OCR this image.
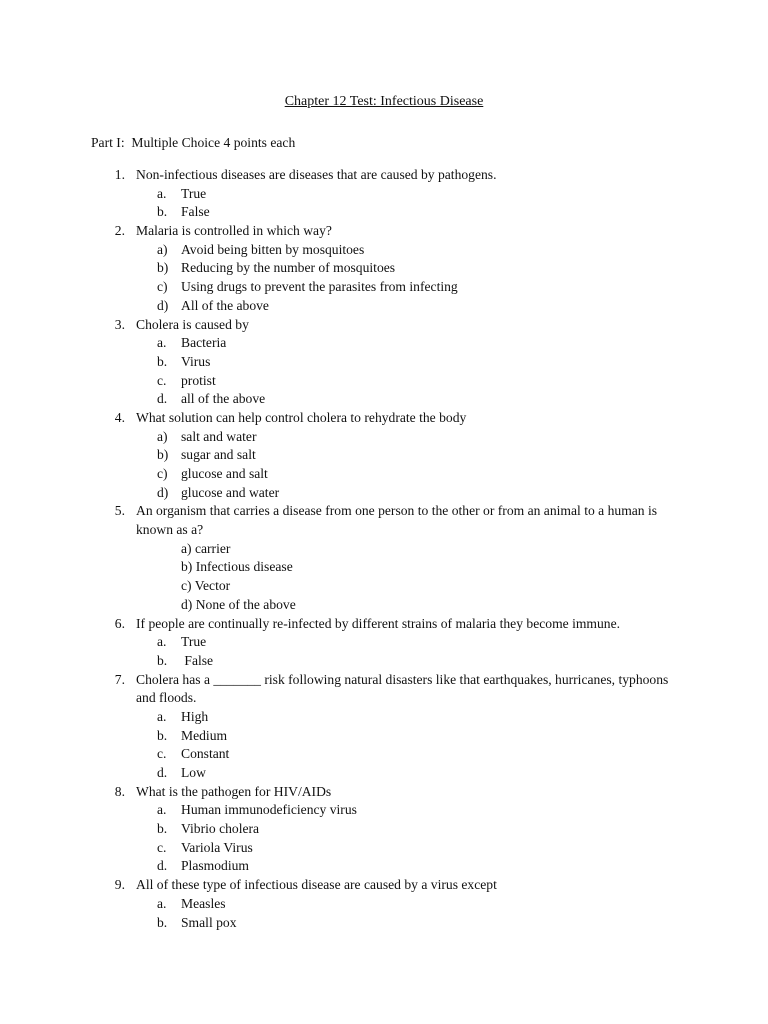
Chapter 12 Test: Infectious Disease
Part I:  Multiple Choice 4 points each
1. Non-infectious diseases are diseases that are caused by pathogens.
a. True
b. False
2. Malaria is controlled in which way?
a) Avoid being bitten by mosquitoes
b) Reducing by the number of mosquitoes
c) Using drugs to prevent the parasites from infecting
d) All of the above
3. Cholera is caused by
a. Bacteria
b. Virus
c. protist
d. all of the above
4. What solution can help control cholera to rehydrate the body
a) salt and water
b) sugar and salt
c) glucose and salt
d) glucose and water
5. An organism that carries a disease from one person to the other or from an animal to a human is
known as a?
a) carrier
b) Infectious disease
c) Vector
d) None of the above
6. If people are continually re-infected by different strains of malaria they become immune.
a. True
b. False
7. Cholera has a _______ risk following natural disasters like that earthquakes, hurricanes, typhoons
and floods.
a. High
b. Medium
c. Constant
d. Low
8. What is the pathogen for HIV/AIDs
a. Human immunodeficiency virus
b. Vibrio cholera
c. Variola Virus
d. Plasmodium
9. All of these type of infectious disease are caused by a virus except
a. Measles
b. Small pox
